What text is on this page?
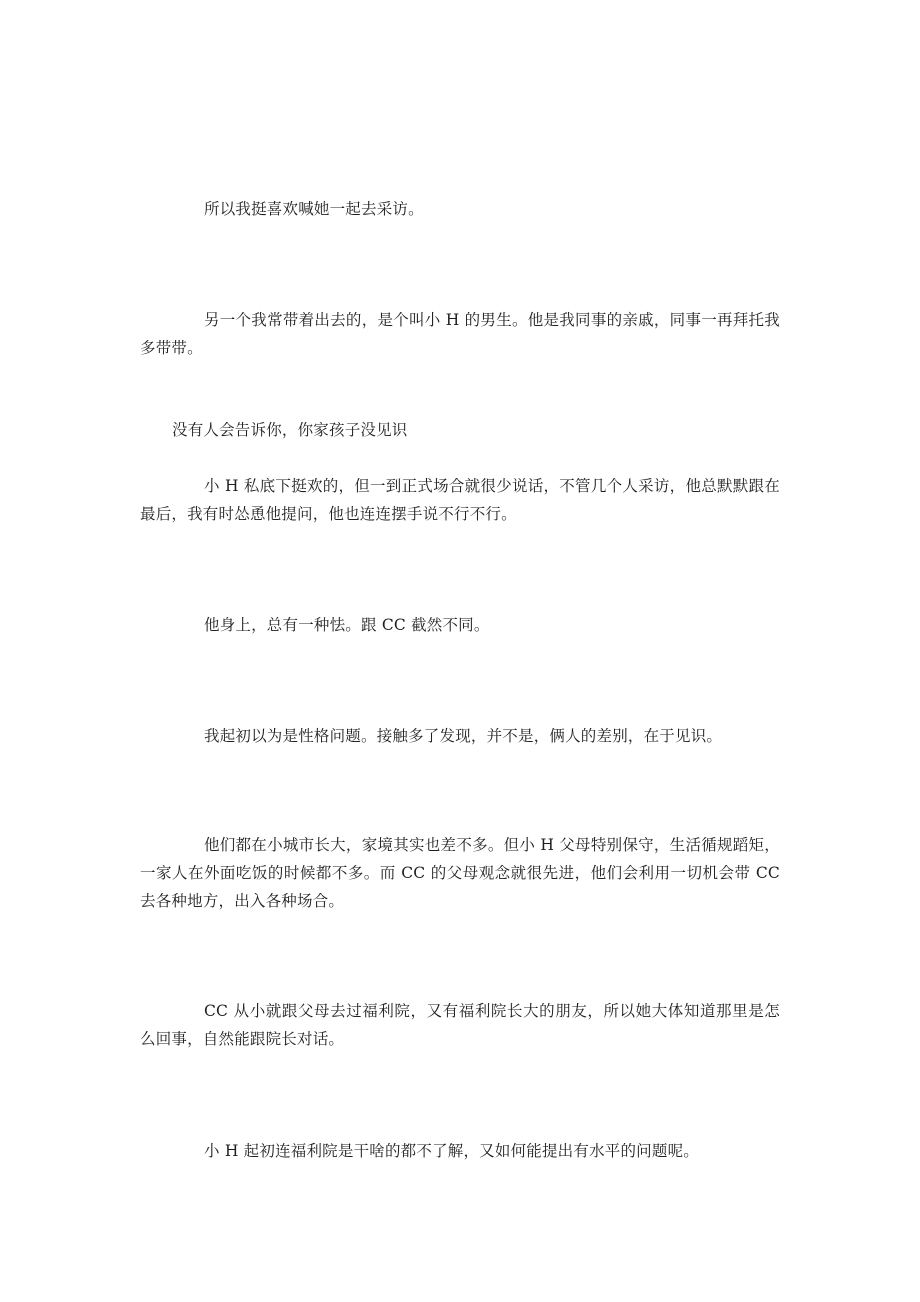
所以我挺喜欢喊她一起去采访。

另一个我常带着出去的，是个叫小 H 的男生。他是我同事的亲戚，同事一再拜托我多带带。

没有人会告诉你，你家孩子没见识

小 H 私底下挺欢的，但一到正式场合就很少说话，不管几个人采访，他总默默跟在最后，我有时怂恿他提问，他也连连摆手说不行不行。

他身上，总有一种怯。跟 CC 截然不同。

我起初以为是性格问题。接触多了发现，并不是，俩人的差别，在于见识。

他们都在小城市长大，家境其实也差不多。但小 H 父母特别保守，生活循规蹈矩，一家人在外面吃饭的时候都不多。而 CC 的父母观念就很先进，他们会利用一切机会带 CC 去各种地方，出入各种场合。

CC 从小就跟父母去过福利院，又有福利院长大的朋友，所以她大体知道那里是怎么回事，自然能跟院长对话。

小 H 起初连福利院是干啥的都不了解，又如何能提出有水平的问题呢。
